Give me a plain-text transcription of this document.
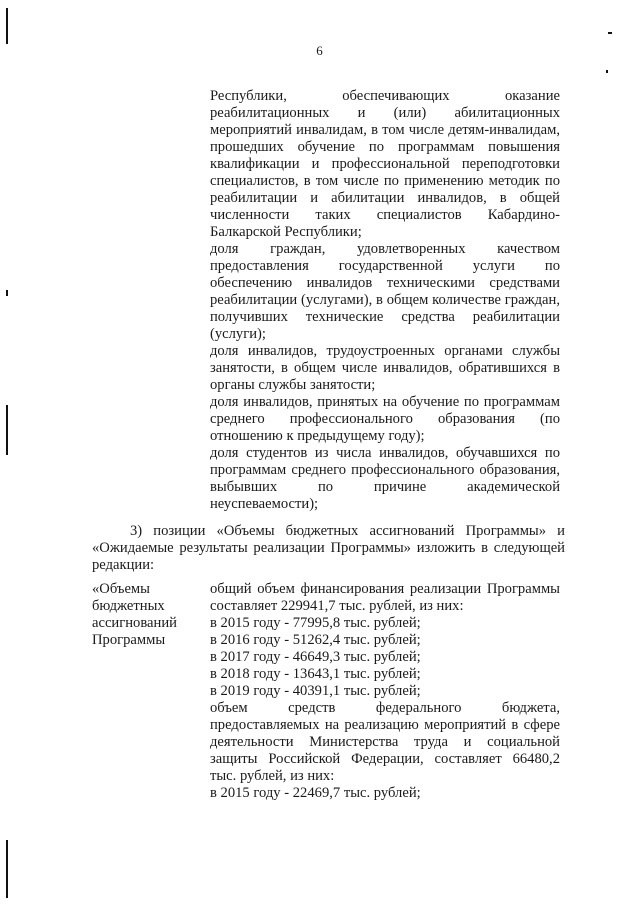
6
Республики, обеспечивающих оказание реабилитационных и (или) абилитационных мероприятий инвалидам, в том числе детям-инвалидам, прошедших обучение по программам повышения квалификации и профессиональной переподготовки специалистов, в том числе по применению методик по реабилитации и абилитации инвалидов, в общей численности таких специалистов Кабардино-Балкарской Республики;
доля граждан, удовлетворенных качеством предоставления государственной услуги по обеспечению инвалидов техническими средствами реабилитации (услугами), в общем количестве граждан, получивших технические средства реабилитации (услуги);
доля инвалидов, трудоустроенных органами службы занятости, в общем числе инвалидов, обратившихся в органы службы занятости;
доля инвалидов, принятых на обучение по программам среднего профессионального образования (по отношению к предыдущему году);
доля студентов из числа инвалидов, обучавшихся по программам среднего профессионального образования, выбывших по причине академической неуспеваемости);
3) позиции «Объемы бюджетных ассигнований Программы» и «Ожидаемые результаты реализации Программы» изложить в следующей редакции:
«Объемы бюджетных ассигнований Программы
общий объем финансирования реализации Программы составляет 229941,7 тыс. рублей, из них:
в 2015 году - 77995,8 тыс. рублей;
в 2016 году - 51262,4 тыс. рублей;
в 2017 году - 46649,3 тыс. рублей;
в 2018 году - 13643,1 тыс. рублей;
в 2019 году - 40391,1 тыс. рублей;
объем средств федерального бюджета, предоставляемых на реализацию мероприятий в сфере деятельности Министерства труда и социальной защиты Российской Федерации, составляет 66480,2 тыс. рублей, из них:
в 2015 году - 22469,7 тыс. рублей;
